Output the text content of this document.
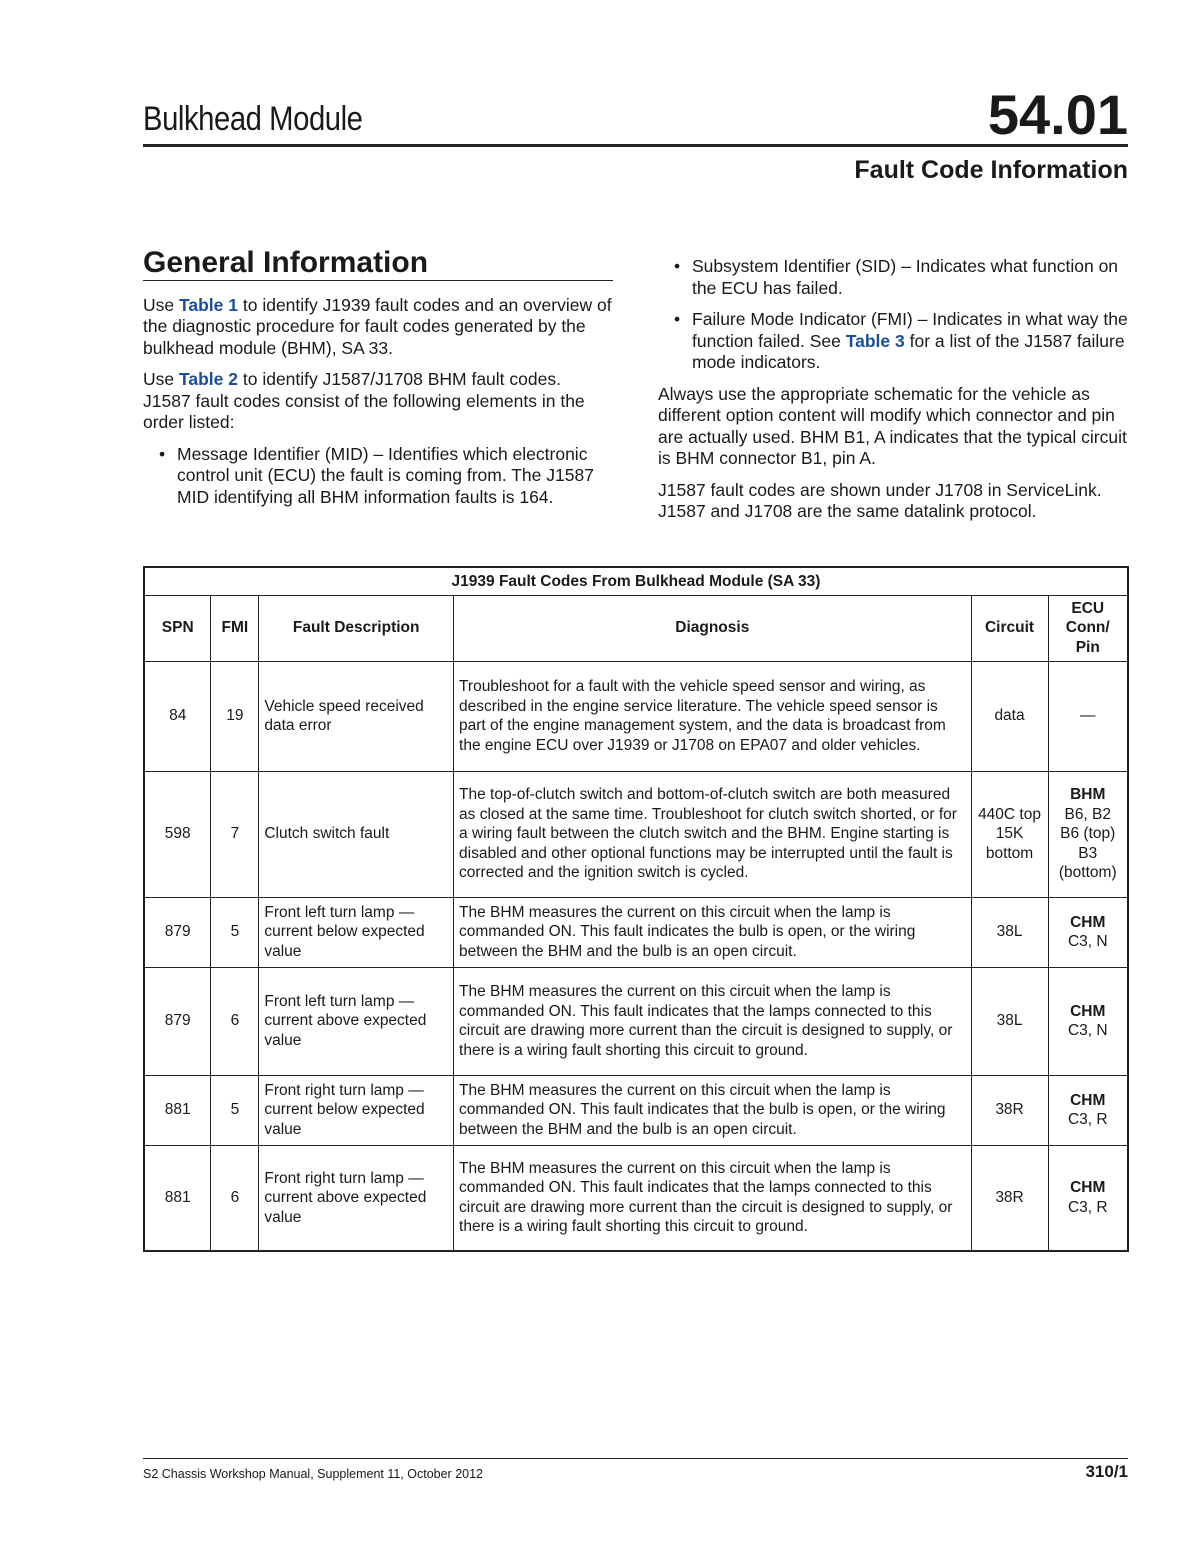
Bulkhead Module	54.01
Fault Code Information
General Information

Use Table 1 to identify J1939 fault codes and an overview of the diagnostic procedure for fault codes generated by the bulkhead module (BHM), SA 33.

Use Table 2 to identify J1587/J1708 BHM fault codes. J1587 fault codes consist of the following elements in the order listed:

• Message Identifier (MID) – Identifies which electronic control unit (ECU) the fault is coming from. The J1587 MID identifying all BHM information faults is 164.
• Subsystem Identifier (SID) – Indicates what function on the ECU has failed.
• Failure Mode Indicator (FMI) – Indicates in what way the function failed. See Table 3 for a list of the J1587 failure mode indicators.

Always use the appropriate schematic for the vehicle as different option content will modify which connector and pin are actually used. BHM B1, A indicates that the typical circuit is BHM connector B1, pin A.

J1587 fault codes are shown under J1708 in ServiceLink. J1587 and J1708 are the same datalink protocol.

J1939 Fault Codes From Bulkhead Module (SA 33)					
SPN	FMI	Fault Description	Diagnosis	Circuit	ECU Conn/ Pin
84	19	Vehicle speed received data error	Troubleshoot for a fault with the vehicle speed sensor and wiring, as described in the engine service literature. The vehicle speed sensor is part of the engine management system, and the data is broadcast from the engine ECU over J1939 or J1708 on EPA07 and older vehicles.	data	—

598	7	Clutch switch fault	The top-of-clutch switch and bottom-of-clutch switch are both measured as closed at the same time. Troubleshoot for clutch switch shorted, or for a wiring fault between the clutch switch and the BHM. Engine starting is disabled and other optional functions may be interrupted until the fault is corrected and the ignition switch is cycled.	440C top 15K bottom	BHM
B6, B2 B6 (top) B3 (bottom)

879	5	Front left turn lamp — current below expected value	The BHM measures the current on this circuit when the lamp is commanded ON. This fault indicates the bulb is open, or the wiring between the BHM and the bulb is an open circuit.	38L	CHM
C3, N

879	6	Front left turn lamp — current above expected value	The BHM measures the current on this circuit when the lamp is commanded ON. This fault indicates that the lamps connected to this circuit are drawing more current than the circuit is designed to supply, or there is a wiring fault shorting this circuit to ground.	38L	CHM
C3, N

881	5	Front right turn lamp — current below expected value	The BHM measures the current on this circuit when the lamp is commanded ON. This fault indicates that the bulb is open, or the wiring between the BHM and the bulb is an open circuit.	38R	CHM
C3, R

881	6	Front right turn lamp — current above expected value	The BHM measures the current on this circuit when the lamp is commanded ON. This fault indicates that the lamps connected to this circuit are drawing more current than the circuit is designed to supply, or there is a wiring fault shorting this circuit to ground.	38R	CHM
C3, R
S2 Chassis Workshop Manual, Supplement 11, October 2012	310/1
